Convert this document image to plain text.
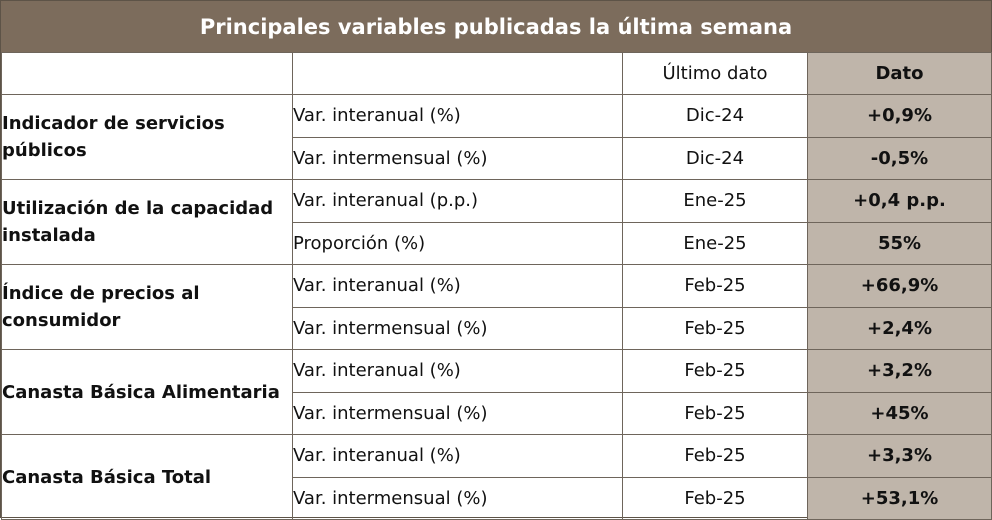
Principales variables publicadas la última semana
		Último dato	Dato
Indicador de servicios públicos	Var. interanual (%)	Dic-24	+0,9%
	Var. intermensual (%)	Dic-24	-0,5%
Utilización de la capacidad instalada	Var. interanual (p.p.)	Ene-25	+0,4 p.p.
	Proporción (%)	Ene-25	55%
Índice de precios al consumidor	Var. interanual (%)	Feb-25	+66,9%
	Var. intermensual (%)	Feb-25	+2,4%
Canasta Básica Alimentaria	Var. interanual (%)	Feb-25	+3,2%
	Var. intermensual (%)	Feb-25	+45%
Canasta Básica Total	Var. interanual (%)	Feb-25	+3,3%
	Var. intermensual (%)	Feb-25	+53,1%
